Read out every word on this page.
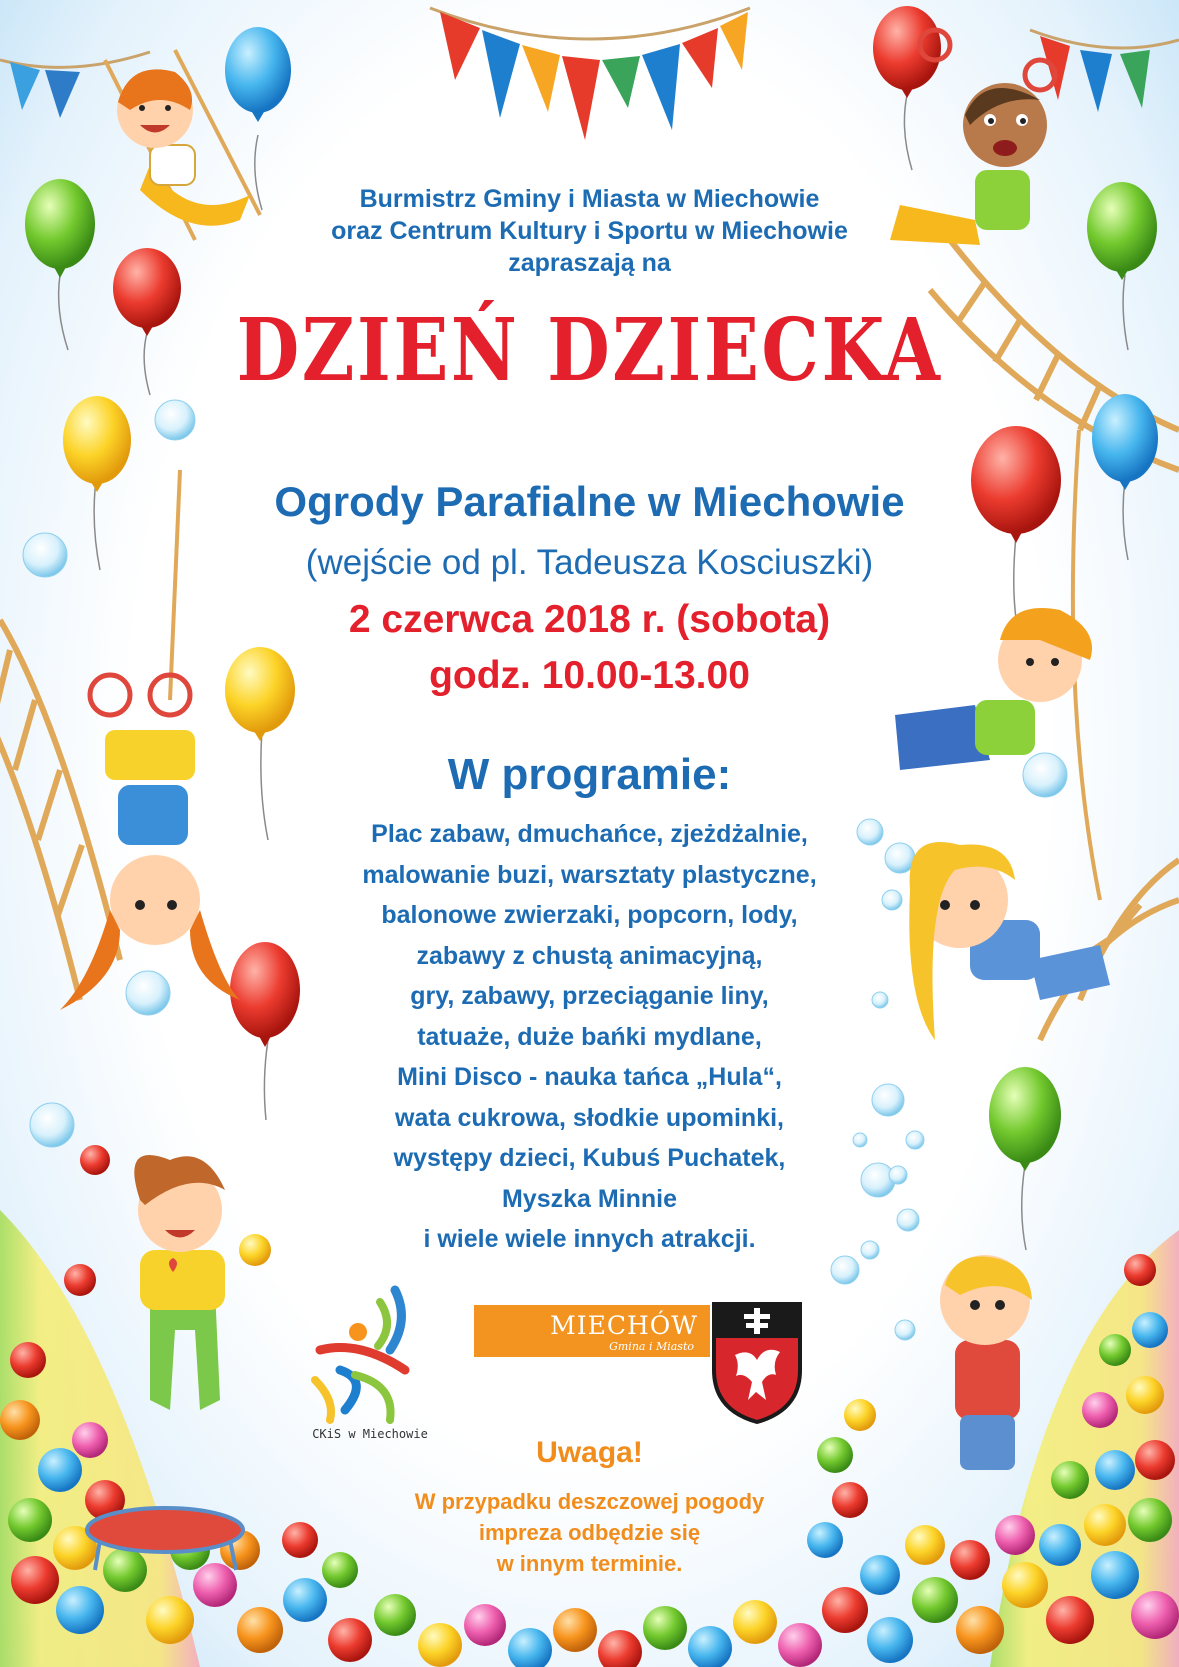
Burmistrz Gminy i Miasta w Miechowie
oraz Centrum Kultury i Sportu w Miechowie
zapraszają na
DZIEŃ DZIECKA
Ogrody Parafialne w Miechowie
(wejście od pl. Tadeusza Kosciuszki)
2 czerwca 2018 r. (sobota)
godz. 10.00-13.00
W programie:
Plac zabaw, dmuchańce, zjeżdżalnie,
malowanie buzi, warsztaty plastyczne,
balonowe zwierzaki, popcorn, lody,
zabawy z chustą animacyjną,
gry, zabawy, przeciąganie liny,
tatuaże, duże bańki mydlane,
Mini Disco - nauka tańca „Hula“,
wata cukrowa, słodkie upominki,
występy dzieci, Kubuś Puchatek,
Myszka Minnie
i wiele wiele innych atrakcji.
CKiS w Miechowie
MIECHÓW
Gmina i Miasto
Uwaga!
W przypadku deszczowej pogody
impreza odbędzie się
w innym terminie.
